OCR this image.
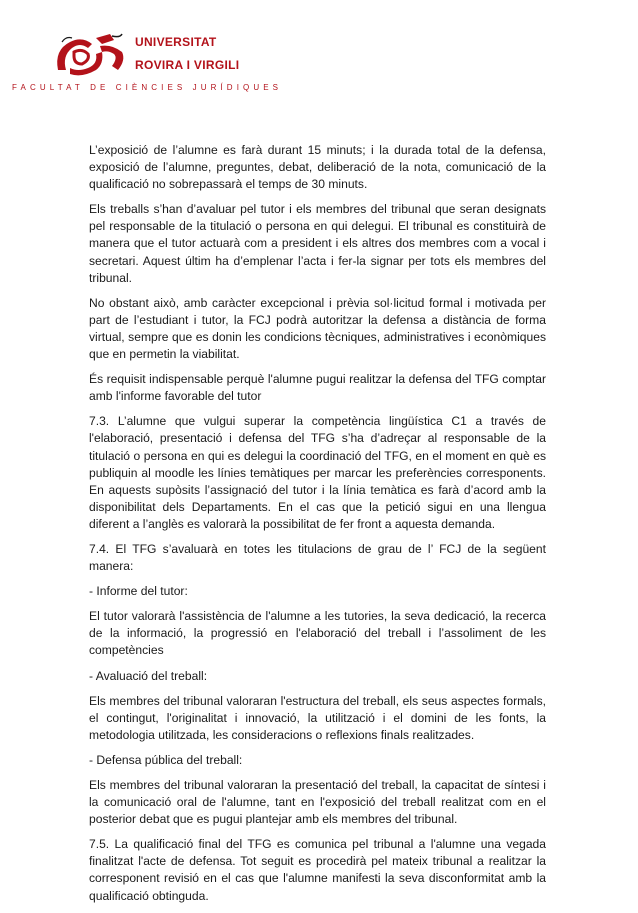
UNIVERSITAT
ROVIRA I VIRGILI
FACULTAT DE CIÈNCIES JURÍDIQUES

L’exposició de l’alumne es farà durant 15 minuts; i la durada total de la defensa, exposició de l’alumne, preguntes, debat, deliberació de la nota, comunicació de la qualificació no sobrepassarà el temps de 30 minuts.

Els treballs s’han d’avaluar pel tutor i els membres del tribunal que seran designats pel responsable de la titulació o persona en qui delegui. El tribunal es constituirà de manera que el tutor actuarà com a president i els altres dos membres com a vocal i secretari. Aquest últim ha d’emplenar l’acta i fer-la signar per tots els membres del tribunal.

No obstant això, amb caràcter excepcional i prèvia sol·licitud formal i motivada per part de l’estudiant i tutor, la FCJ podrà autoritzar la defensa a distància de forma virtual, sempre que es donin les condicions tècniques, administratives i econòmiques que en permetin la viabilitat.

És requisit indispensable perquè l'alumne pugui realitzar la defensa del TFG comptar amb l'informe favorable del tutor

7.3. L’alumne que vulgui superar la competència lingüística C1 a través de l'elaboració, presentació i defensa del TFG s’ha d’adreçar al responsable de la titulació o persona en qui es delegui la coordinació del TFG, en el moment en què es publiquin al moodle les línies temàtiques per marcar les preferències corresponents. En aquests supòsits l’assignació del tutor i la línia temàtica es farà d’acord amb la disponibilitat dels Departaments. En el cas que la petició sigui en una llengua diferent a l’anglès es valorarà la possibilitat de fer front a aquesta demanda.

7.4. El TFG s’avaluarà en totes les titulacions de grau de l’ FCJ de la següent manera:

- Informe del tutor:

El tutor valorarà l'assistència de l'alumne a les tutories, la seva dedicació, la recerca de la informació, la progressió en l'elaboració del treball i l’assoliment de les competències

- Avaluació del treball:

Els membres del tribunal valoraran l'estructura del treball, els seus aspectes formals, el contingut, l'originalitat i innovació, la utilització i el domini de les fonts, la metodologia utilitzada, les consideracions o reflexions finals realitzades.

- Defensa pública del treball:

Els membres del tribunal valoraran la presentació del treball, la capacitat de síntesi i la comunicació oral de l'alumne, tant en l'exposició del treball realitzat com en el posterior debat que es pugui plantejar amb els membres del tribunal.

7.5. La qualificació final del TFG es comunica pel tribunal a l'alumne una vegada finalitzat l'acte de defensa. Tot seguit es procedirà pel mateix tribunal a realitzar la corresponent revisió en el cas que l'alumne manifesti la seva disconformitat amb la qualificació obtinguda.
